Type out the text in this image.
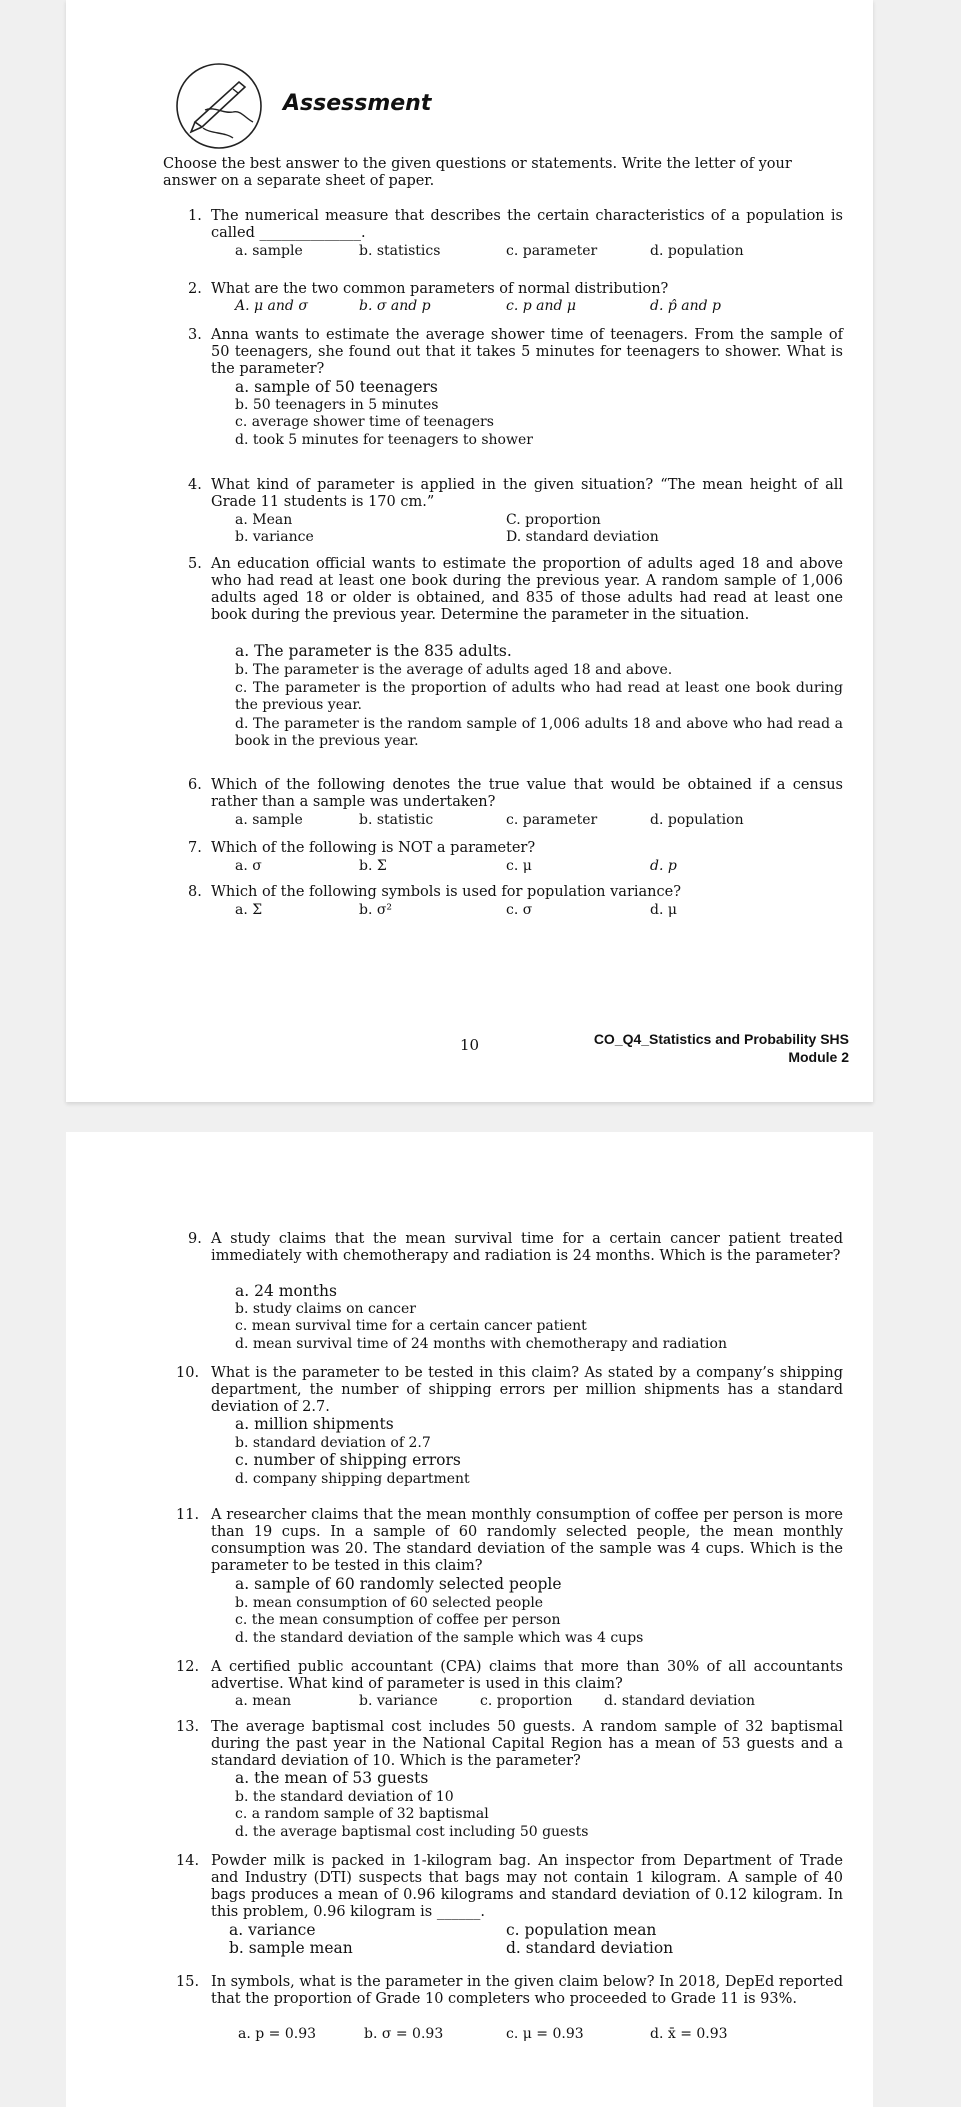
Assessment
Choose the best answer to the given questions or statements. Write the letter of your
answer on a separate sheet of paper.
1. The numerical measure that describes the certain characteristics of a population is called ______________.
a. sample	b. statistics	c. parameter	d. population
2. What are the two common parameters of normal distribution?
A. μ and σ	b. σ and p	c. p and μ	d. p̂ and p
3. Anna wants to estimate the average shower time of teenagers. From the sample of 50 teenagers, she found out that it takes 5 minutes for teenagers to shower. What is the parameter?
a. sample of 50 teenagers
b. 50 teenagers in 5 minutes
c. average shower time of teenagers
d. took 5 minutes for teenagers to shower
4. What kind of parameter is applied in the given situation? “The mean height of all Grade 11 students is 170 cm.”
a. Mean
b. variance
C. proportion
D. standard deviation
5. An education official wants to estimate the proportion of adults aged 18 and above who had read at least one book during the previous year. A random sample of 1,006 adults aged 18 or older is obtained, and 835 of those adults had read at least one book during the previous year. Determine the parameter in the situation.
a. The parameter is the 835 adults.
b. The parameter is the average of adults aged 18 and above.
c. The parameter is the proportion of adults who had read at least one book during the previous year.
d. The parameter is the random sample of 1,006 adults 18 and above who had read a book in the previous year.
6. Which of the following denotes the true value that would be obtained if a census rather than a sample was undertaken?
a. sample	b. statistic	c. parameter	d. population
7. Which of the following is NOT a parameter?
a. σ	b. Σ	c. μ	d. p
8. Which of the following symbols is used for population variance?
a. Σ	b. σ²	c. σ	d. μ
10	CO_Q4_Statistics and Probability SHS
Module 2
9. A study claims that the mean survival time for a certain cancer patient treated immediately with chemotherapy and radiation is 24 months. Which is the parameter?
a. 24 months
b. study claims on cancer
c. mean survival time for a certain cancer patient
d. mean survival time of 24 months with chemotherapy and radiation
10. What is the parameter to be tested in this claim? As stated by a company’s shipping department, the number of shipping errors per million shipments has a standard deviation of 2.7.
a. million shipments
b. standard deviation of 2.7
c. number of shipping errors
d. company shipping department
11. A researcher claims that the mean monthly consumption of coffee per person is more than 19 cups. In a sample of 60 randomly selected people, the mean monthly consumption was 20. The standard deviation of the sample was 4 cups. Which is the parameter to be tested in this claim?
a. sample of 60 randomly selected people
b. mean consumption of 60 selected people
c. the mean consumption of coffee per person
d. the standard deviation of the sample which was 4 cups
12. A certified public accountant (CPA) claims that more than 30% of all accountants advertise. What kind of parameter is used in this claim?
a. mean	b. variance	c. proportion d. standard deviation
13. The average baptismal cost includes 50 guests. A random sample of 32 baptismal during the past year in the National Capital Region has a mean of 53 guests and a standard deviation of 10. Which is the parameter?
a. the mean of 53 guests
b. the standard deviation of 10
c. a random sample of 32 baptismal
d. the average baptismal cost including 50 guests
14. Powder milk is packed in 1-kilogram bag. An inspector from Department of Trade and Industry (DTI) suspects that bags may not contain 1 kilogram. A sample of 40 bags produces a mean of 0.96 kilograms and standard deviation of 0.12 kilogram. In this problem, 0.96 kilogram is ______.
a. variance
b. sample mean
c. population mean
d. standard deviation
15. In symbols, what is the parameter in the given claim below? In 2018, DepEd reported that the proportion of Grade 10 completers who proceeded to Grade 11 is 93%.
a. p = 0.93	b. σ = 0.93	c. μ = 0.93	d. x̄ = 0.93
